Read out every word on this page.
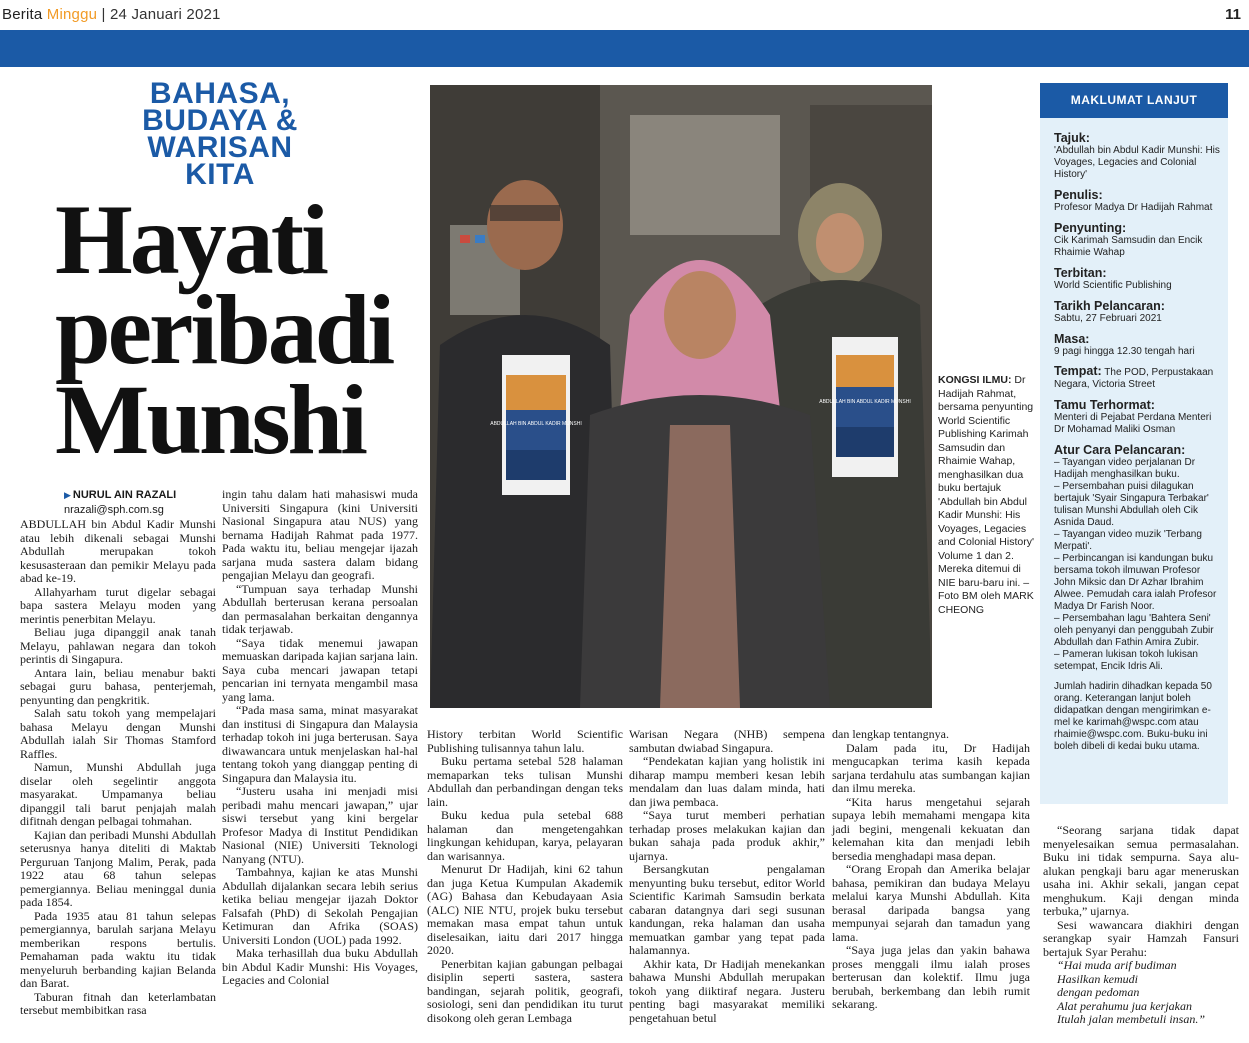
Berita Minggu | 24 Januari 2021	11
BAHASA,
BUDAYA &
WARISAN
KITA
Hayati
peribadi
Munshi
▶ NURUL AIN RAZALI
nrazali@sph.com.sg
ABDULLAH BIN ABDUL KADIR MUNSHI
ABDULLAH BIN ABDUL KADIR MUNSHI
KONGSI ILMU: Dr Hadijah Rahmat, bersama penyunting World Scientific Publishing Karimah Samsudin dan Rhaimie Wahap, menghasilkan dua buku bertajuk 'Abdullah bin Abdul Kadir Munshi: His Voyages, Legacies and Colonial History' Volume 1 dan 2. Mereka ditemui di NIE baru-baru ini. – Foto BM oleh MARK CHEONG

ABDULLAH bin Abdul Kadir Munshi atau lebih dikenali sebagai Munshi Abdullah merupakan tokoh kesusasteraan dan pemikir Melayu pada abad ke-19.

Allahyarham turut digelar sebagai bapa sastera Melayu moden yang merintis penerbitan Melayu.

Beliau juga dipanggil anak tanah Melayu, pahlawan negara dan tokoh perintis di Singapura.

Antara lain, beliau menabur bakti sebagai guru bahasa, penterjemah, penyunting dan pengkritik.

Salah satu tokoh yang mempelajari bahasa Melayu dengan Munshi Abdullah ialah Sir Thomas Stamford Raffles.

Namun, Munshi Abdullah juga diselar oleh segelintir anggota masyarakat. Umpamanya beliau dipanggil tali barut penjajah malah difitnah dengan pelbagai tohmahan.

Kajian dan peribadi Munshi Abdullah seterusnya hanya diteliti di Maktab Perguruan Tanjong Malim, Perak, pada 1922 atau 68 tahun selepas pemergiannya. Beliau meninggal dunia pada 1854.

Pada 1935 atau 81 tahun selepas pemergiannya, barulah sarjana Melayu memberikan respons bertulis. Pemahaman pada waktu itu tidak menyeluruh berbanding kajian Belanda dan Barat.

Taburan fitnah dan keterlambatan tersebut membibitkan rasa

ingin tahu dalam hati mahasiswi muda Universiti Singapura (kini Universiti Nasional Singapura atau NUS) yang bernama Hadijah Rahmat pada 1977. Pada waktu itu, beliau mengejar ijazah sarjana muda sastera dalam bidang pengajian Melayu dan geografi.

“Tumpuan saya terhadap Munshi Abdullah berterusan kerana persoalan dan permasalahan berkaitan dengannya tidak terjawab.

“Saya tidak menemui jawapan memuaskan daripada kajian sarjana lain. Saya cuba mencari jawapan tetapi pencarian ini ternyata mengambil masa yang lama.

“Pada masa sama, minat masyarakat dan institusi di Singapura dan Malaysia terhadap tokoh ini juga berterusan. Saya diwawancara untuk menjelaskan hal-hal tentang tokoh yang dianggap penting di Singapura dan Malaysia itu.

“Justeru usaha ini menjadi misi peribadi mahu mencari jawapan,” ujar siswi tersebut yang kini bergelar Profesor Madya di Institut Pendidikan Nasional (NIE) Universiti Teknologi Nanyang (NTU).

Tambahnya, kajian ke atas Munshi Abdullah dijalankan secara lebih serius ketika beliau mengejar ijazah Doktor Falsafah (PhD) di Sekolah Pengajian Ketimuran dan Afrika (SOAS) Universiti London (UOL) pada 1992.

Maka terhasillah dua buku Abdullah bin Abdul Kadir Munshi: His Voyages, Legacies and Colonial

History terbitan World Scientific Publishing tulisannya tahun lalu.

Buku pertama setebal 528 halaman memaparkan teks tulisan Munshi Abdullah dan perbandingan dengan teks lain.

Buku kedua pula setebal 688 halaman dan mengetengahkan lingkungan kehidupan, karya, pelayaran dan warisannya.

Menurut Dr Hadijah, kini 62 tahun dan juga Ketua Kumpulan Akademik (AG) Bahasa dan Kebudayaan Asia (ALC) NIE NTU, projek buku tersebut memakan masa empat tahun untuk diselesaikan, iaitu dari 2017 hingga 2020.

Penerbitan kajian gabungan pelbagai disiplin seperti sastera, sastera bandingan, sejarah politik, geografi, sosiologi, seni dan pendidikan itu turut disokong oleh geran Lembaga

Warisan Negara (NHB) sempena sambutan dwiabad Singapura.

“Pendekatan kajian yang holistik ini diharap mampu memberi kesan lebih mendalam dan luas dalam minda, hati dan jiwa pembaca.

“Saya turut memberi perhatian terhadap proses melakukan kajian dan bukan sahaja pada produk akhir,” ujarnya.

Bersangkutan pengalaman menyunting buku tersebut, editor World Scientific Karimah Samsudin berkata cabaran datangnya dari segi susunan kandungan, reka halaman dan usaha memuatkan gambar yang tepat pada halamannya.

Akhir kata, Dr Hadijah menekankan bahawa Munshi Abdullah merupakan tokoh yang diiktiraf negara. Justeru penting bagi masyarakat memiliki pengetahuan betul

dan lengkap tentangnya.

Dalam pada itu, Dr Hadijah mengucapkan terima kasih kepada sarjana terdahulu atas sumbangan kajian dan ilmu mereka.

“Kita harus mengetahui sejarah supaya lebih memahami mengapa kita jadi begini, mengenali kekuatan dan kelemahan kita dan menjadi lebih bersedia menghadapi masa depan.

“Orang Eropah dan Amerika belajar bahasa, pemikiran dan budaya Melayu melalui karya Munshi Abdullah. Kita berasal daripada bangsa yang mempunyai sejarah dan tamadun yang lama.

“Saya juga jelas dan yakin bahawa proses menggali ilmu ialah proses berterusan dan kolektif. Ilmu juga berubah, berkembang dan lebih rumit sekarang.

“Seorang sarjana tidak dapat menyelesaikan semua permasalahan. Buku ini tidak sempurna. Saya alu-alukan pengkaji baru agar meneruskan usaha ini. Akhir sekali, jangan cepat menghukum. Kaji dengan minda terbuka,” ujarnya.

Sesi wawancara diakhiri dengan serangkap syair Hamzah Fansuri bertajuk Syar Perahu:

“Hai muda arif budiman
Hasilkan kemudi
dengan pedoman
Alat perahumu jua kerjakan
Itulah jalan membetuli insan.”
MAKLUMAT LANJUT
Tajuk:
'Abdullah bin Abdul Kadir Munshi: His Voyages, Legacies and Colonial History'
Penulis:
Profesor Madya Dr Hadijah Rahmat
Penyunting:
Cik Karimah Samsudin dan Encik Rhaimie Wahap
Terbitan:
World Scientific Publishing
Tarikh Pelancaran:
Sabtu, 27 Februari 2021
Masa:
9 pagi hingga 12.30 tengah hari
Tempat: The POD, Perpustakaan Negara, Victoria Street
Tamu Terhormat:
Menteri di Pejabat Perdana Menteri Dr Mohamad Maliki Osman
Atur Cara Pelancaran:
– Tayangan video perjalanan Dr Hadijah menghasilkan buku.
– Persembahan puisi dilagukan bertajuk 'Syair Singapura Terbakar' tulisan Munshi Abdullah oleh Cik Asnida Daud.
– Tayangan video muzik 'Terbang Merpati'.
– Perbincangan isi kandungan buku bersama tokoh ilmuwan Profesor John Miksic dan Dr Azhar Ibrahim Alwee. Pemudah cara ialah Profesor Madya Dr Farish Noor.
– Persembahan lagu 'Bahtera Seni' oleh penyanyi dan penggubah Zubir Abdullah dan Fathin Amira Zubir.
– Pameran lukisan tokoh lukisan setempat, Encik Idris Ali.
Jumlah hadirin dihadkan kepada 50 orang. Keterangan lanjut boleh didapatkan dengan mengirimkan e-mel ke karimah@wspc.com atau rhaimie@wspc.com. Buku-buku ini boleh dibeli di kedai buku utama.
